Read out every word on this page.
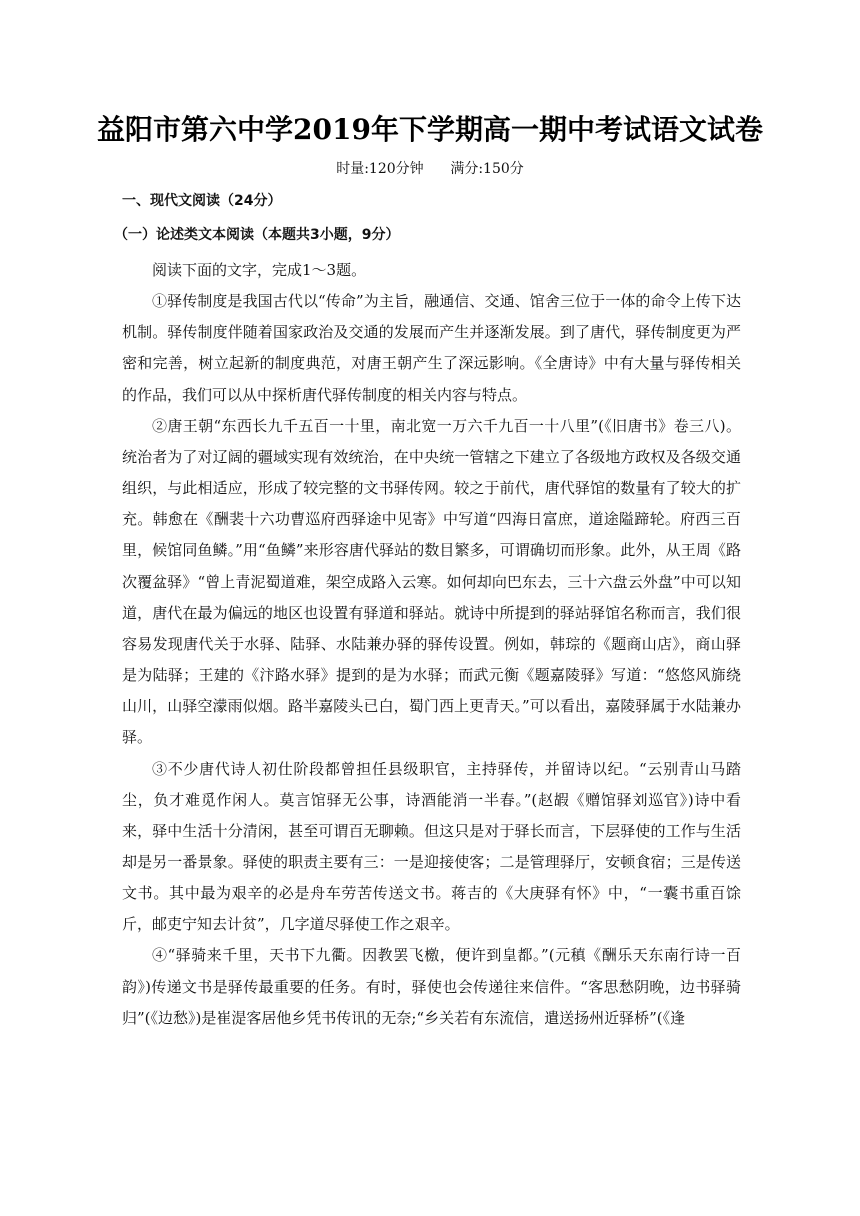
益阳市第六中学2019年下学期高一期中考试语文试卷
时量:120分钟      满分:150分
一、现代文阅读（24分）
（一）论述类文本阅读（本题共3小题，9分）

阅读下面的文字，完成1～3题。

①驿传制度是我国古代以“传命”为主旨，融通信、交通、馆舍三位于一体的命令上传下达机制。驿传制度伴随着国家政治及交通的发展而产生并逐渐发展。到了唐代，驿传制度更为严密和完善，树立起新的制度典范，对唐王朝产生了深远影响。《全唐诗》中有大量与驿传相关的作品，我们可以从中探析唐代驿传制度的相关内容与特点。

②唐王朝“东西长九千五百一十里，南北宽一万六千九百一十八里”(《旧唐书》卷三八)。统治者为了对辽阔的疆域实现有效统治，在中央统一管辖之下建立了各级地方政权及各级交通组织，与此相适应，形成了较完整的文书驿传网。较之于前代，唐代驿馆的数量有了较大的扩充。韩愈在《酬裴十六功曹巡府西驿途中见寄》中写道“四海日富庶，道途隘蹄轮。府西三百里，候馆同鱼鳞。”用“鱼鳞”来形容唐代驿站的数目繁多，可谓确切而形象。此外，从王周《路次覆盆驿》“曾上青泥蜀道难，架空成路入云寒。如何却向巴东去，三十六盘云外盘”中可以知道，唐代在最为偏远的地区也设置有驿道和驿站。就诗中所提到的驿站驿馆名称而言，我们很容易发现唐代关于水驿、陆驿、水陆兼办驿的驿传设置。例如，韩琮的《题商山店》，商山驿是为陆驿；王建的《汴路水驿》提到的是为水驿；而武元衡《题嘉陵驿》写道：“悠悠风旆绕山川，山驿空濛雨似烟。路半嘉陵头已白，蜀门西上更青天。”可以看出，嘉陵驿属于水陆兼办驿。

③不少唐代诗人初仕阶段都曾担任县级职官，主持驿传，并留诗以纪。“云别青山马踏尘，负才难觅作闲人。莫言馆驿无公事，诗酒能消一半春。”(赵嘏《赠馆驿刘巡官》)诗中看来，驿中生活十分清闲，甚至可谓百无聊赖。但这只是对于驿长而言，下层驿使的工作与生活却是另一番景象。驿使的职责主要有三：一是迎接使客；二是管理驿厅，安顿食宿；三是传送文书。其中最为艰辛的必是舟车劳苦传送文书。蒋吉的《大庚驿有怀》中，“一囊书重百馀斤，邮吏宁知去计贫”，几字道尽驿使工作之艰辛。

④“驿骑来千里，天书下九衢。因教罢飞檄，便许到皇都。”(元稹《酬乐天东南行诗一百韵》)传递文书是驿传最重要的任务。有时，驿使也会传递往来信件。“客思愁阴晚，边书驿骑归”(《边愁》)是崔湜客居他乡凭书传讯的无奈;“乡关若有东流信，遣送扬州近驿桥”(《逢
